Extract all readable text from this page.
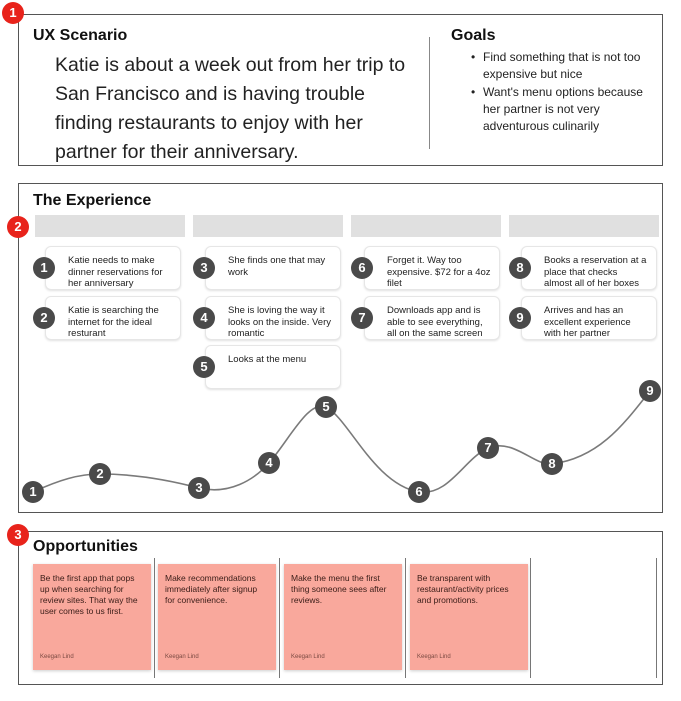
1
2
3
UX Scenario
Katie is about a week out from her trip to San Francisco and is having trouble finding restaurants to enjoy with her partner for their anniversary.
Goals
• Find something that is not too expensive but nice
• Want's menu options because her partner is not very adventurous culinarily
The Experience
Katie needs to make dinner reservations for her anniversary
Katie is searching the internet for the ideal resturant
She finds one that may work
She is loving the way it looks on the inside. Very romantic
Looks at the menu
Forget it. Way too expensive. $72 for a 4oz filet
Downloads app and is able to see everything, all on the same screen
Books a reservation at a place that checks almost all of her boxes
Arrives and has an excellent experience with her partner
1
2
3
4
5
6
7
8
9
1
2
3
4
5
6
7
8
9
Opportunities
Be the first app that pops up when searching for review sites. That way the user comes to us first.
Keegan Lind
Make recommendations immediately after signup for convenience.
Keegan Lind
Make the menu the first thing someone sees after reviews.
Keegan Lind
Be transparent with restaurant/activity prices and promotions.
Keegan Lind
